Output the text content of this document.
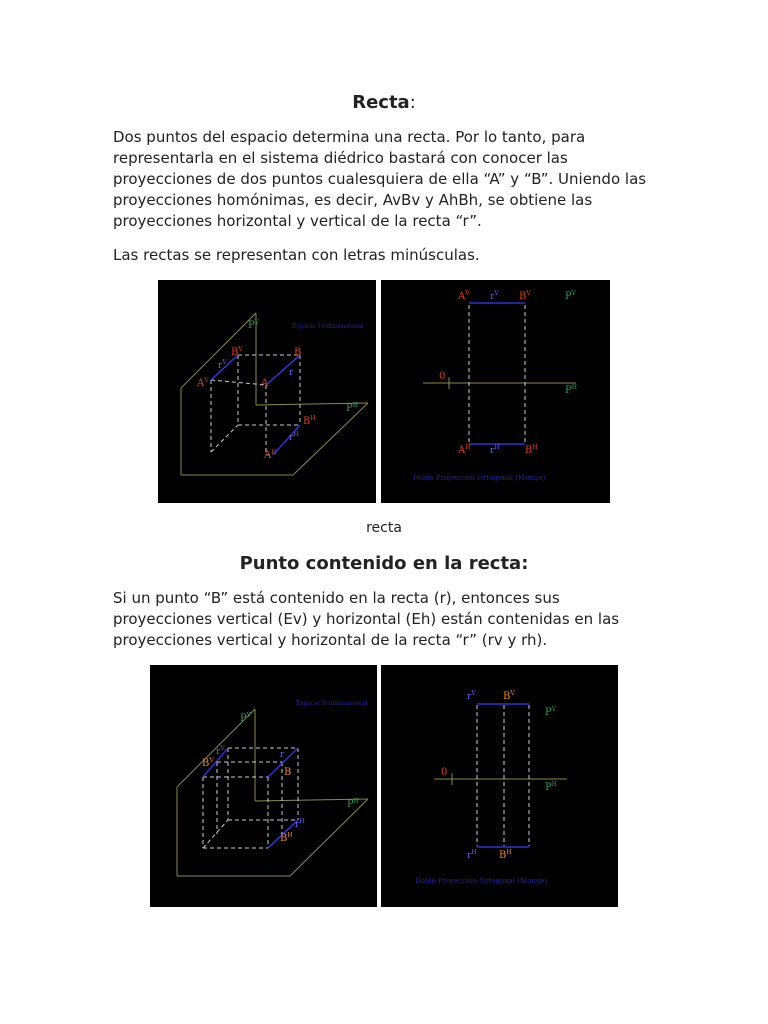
Recta:

Dos puntos del espacio determina una recta. Por lo tanto, para representarla en el sistema diédrico bastará con conocer las proyecciones de dos puntos cualesquiera de ella “A” y “B”. Uniendo las proyecciones homónimas, es decir, AvBv y AhBh, se obtiene las proyecciones horizontal y vertical de la recta “r”.

Las rectas se representan con letras minúsculas.

$P^V$
Espacio Tridimensional
$B^V$	B
$r^V$
r
$A^V$	A
$P^H$
$B^H$
$r^H$
$A^H$
$A^V$ $r^V$ $B^V$	$P^V$
0
$P^H$
$A^H$ $r^H$	$B^H$
Doble Proyección Ortogonal (Monge)
recta
Punto contenido en la recta:

Si un punto “B” está contenido en la recta (r), entonces sus proyecciones vertical (Ev) y horizontal (Eh) están contenidas en las proyecciones vertical y horizontal de la recta “r” (rv y rh).

$P^V$
Espacio Tridimensional
$r^V$
r
$B^V$
B
$P^H$
$r^H$
$B^H$
$r^V$	$B^V$
$P^V$
0
$P^H$
$r^H$ $B^H$
Doble Proyección Ortogonal (Monge)
